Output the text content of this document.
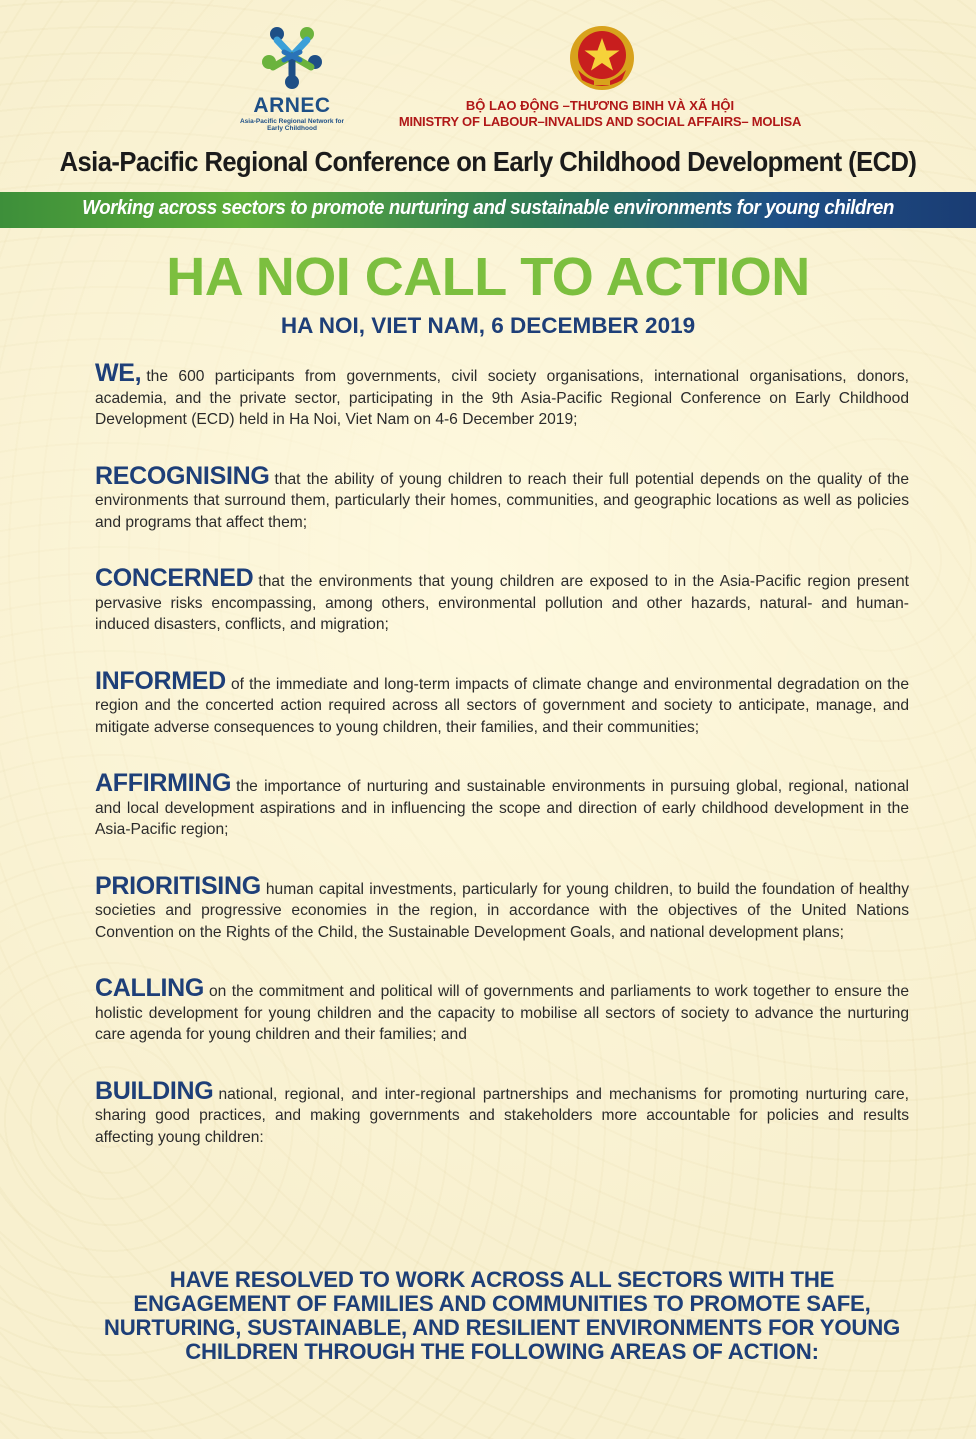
ARNEC
Asia-Pacific Regional Network for Early Childhood
BỘ LAO ĐỘNG –THƯƠNG BINH VÀ XÃ HỘI
MINISTRY OF LABOUR–INVALIDS AND SOCIAL AFFAIRS– MOLISA
Asia-Pacific Regional Conference on Early Childhood Development (ECD)
Working across sectors to promote nurturing and sustainable environments for young children
HA NOI CALL TO ACTION
HA NOI, VIET NAM, 6 DECEMBER 2019

WE, the 600 participants from governments, civil society organisations, international organisations, donors, academia, and the private sector, participating in the 9th Asia-Pacific Regional Conference on Early Childhood Development (ECD) held in Ha Noi, Viet Nam on 4-6 December 2019;

RECOGNISING that the ability of young children to reach their full potential depends on the quality of the environments that surround them, particularly their homes, communities, and geographic locations as well as policies and programs that affect them;

CONCERNED that the environments that young children are exposed to in the Asia-Pacific region present pervasive risks encompassing, among others, environmental pollution and other hazards, natural- and human-induced disasters, conflicts, and migration;

INFORMED of the immediate and long-term impacts of climate change and environmental degradation on the region and the concerted action required across all sectors of government and society to anticipate, manage, and mitigate adverse consequences to young children, their families, and their communities;

AFFIRMING the importance of nurturing and sustainable environments in pursuing global, regional, national and local development aspirations and in influencing the scope and direction of early childhood development in the Asia-Pacific region;

PRIORITISING human capital investments, particularly for young children, to build the foundation of healthy societies and progressive economies in the region, in accordance with the objectives of the United Nations Convention on the Rights of the Child, the Sustainable Development Goals, and national development plans;

CALLING on the commitment and political will of governments and parliaments to work together to ensure the holistic development for young children and the capacity to mobilise all sectors of society to advance the nurturing care agenda for young children and their families; and

BUILDING national, regional, and inter-regional partnerships and mechanisms for promoting nurturing care, sharing good practices, and making governments and stakeholders more accountable for policies and results affecting young children:

HAVE RESOLVED TO WORK ACROSS ALL SECTORS WITH THE ENGAGEMENT OF FAMILIES AND COMMUNITIES TO PROMOTE SAFE, NURTURING, SUSTAINABLE, AND RESILIENT ENVIRONMENTS FOR YOUNG CHILDREN THROUGH THE FOLLOWING AREAS OF ACTION:
